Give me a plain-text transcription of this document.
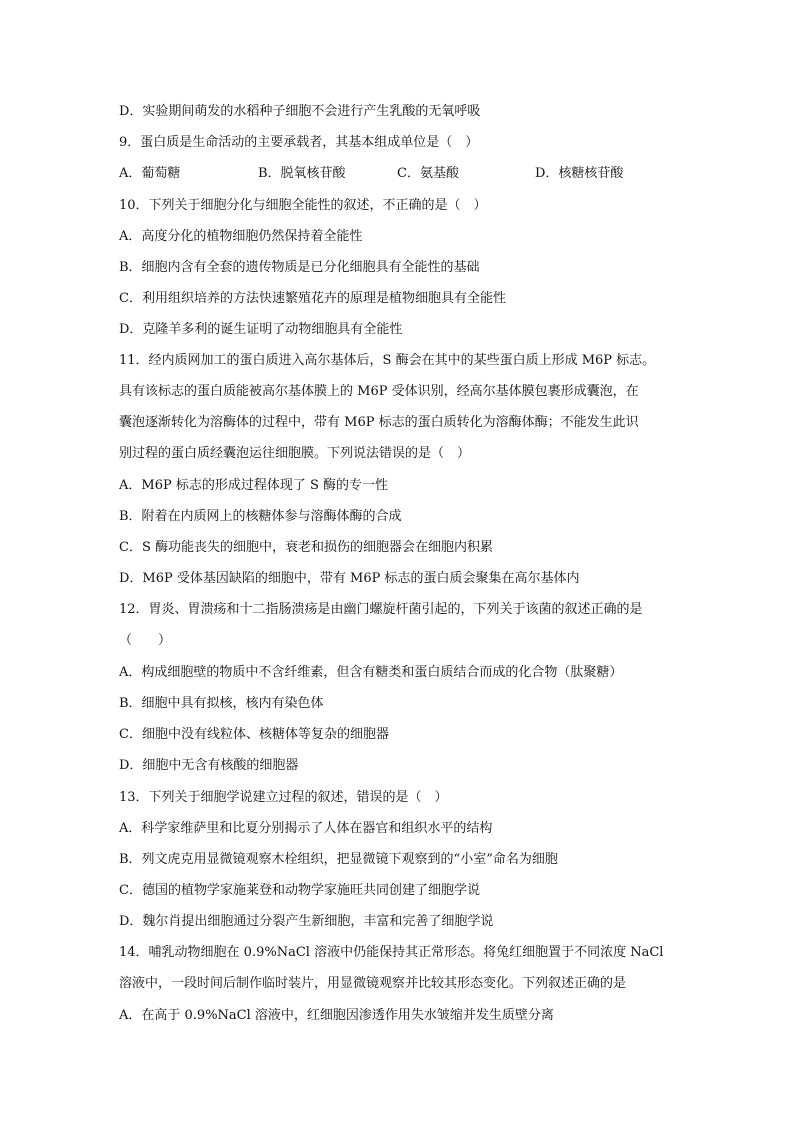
D．实验期间萌发的水稻种子细胞不会进行产生乳酸的无氧呼吸
9．蛋白质是生命活动的主要承载者，其基本组成单位是（　）
A．葡萄糖	B．脱氧核苷酸	C．氨基酸	D．核糖核苷酸
10．下列关于细胞分化与细胞全能性的叙述，不正确的是（　）
A．高度分化的植物细胞仍然保持着全能性
B．细胞内含有全套的遗传物质是已分化细胞具有全能性的基础
C．利用组织培养的方法快速繁殖花卉的原理是植物细胞具有全能性
D．克隆羊多利的诞生证明了动物细胞具有全能性
11．经内质网加工的蛋白质进入高尔基体后，S 酶会在其中的某些蛋白质上形成 M6P 标志。
具有该标志的蛋白质能被高尔基体膜上的 M6P 受体识别，经高尔基体膜包裹形成囊泡，在
囊泡逐渐转化为溶酶体的过程中，带有 M6P 标志的蛋白质转化为溶酶体酶；不能发生此识
别过程的蛋白质经囊泡运往细胞膜。下列说法错误的是（　）
A．M6P 标志的形成过程体现了 S 酶的专一性
B．附着在内质网上的核糖体参与溶酶体酶的合成
C．S 酶功能丧失的细胞中，衰老和损伤的细胞器会在细胞内积累
D．M6P 受体基因缺陷的细胞中，带有 M6P 标志的蛋白质会聚集在高尔基体内
12．胃炎、胃溃疡和十二指肠溃疡是由幽门螺旋杆菌引起的，下列关于该菌的叙述正确的是
（　　）
A．构成细胞壁的物质中不含纤维素，但含有糖类和蛋白质结合而成的化合物（肽聚糖）
B．细胞中具有拟核，核内有染色体
C．细胞中没有线粒体、核糖体等复杂的细胞器
D．细胞中无含有核酸的细胞器
13．下列关于细胞学说建立过程的叙述，错误的是（　）
A．科学家维萨里和比夏分别揭示了人体在器官和组织水平的结构
B．列文虎克用显微镜观察木栓组织，把显微镜下观察到的“小室”命名为细胞
C．德国的植物学家施莱登和动物学家施旺共同创建了细胞学说
D．魏尔肖提出细胞通过分裂产生新细胞，丰富和完善了细胞学说
14．哺乳动物细胞在 0.9%NaCl 溶液中仍能保持其正常形态。将兔红细胞置于不同浓度 NaCl
溶液中，一段时间后制作临时装片，用显微镜观察并比较其形态变化。下列叙述正确的是
A．在高于 0.9%NaCl 溶液中，红细胞因渗透作用失水皱缩并发生质壁分离
